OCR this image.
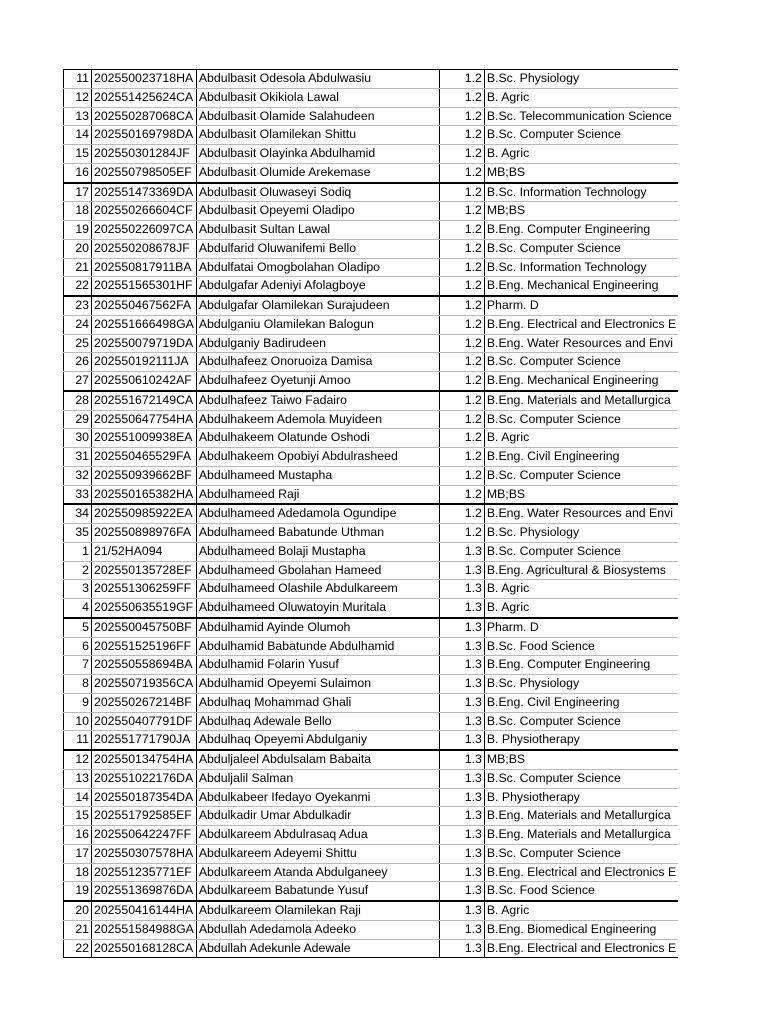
11	202550023718HA	Abdulbasit Odesola Abdulwasiu	1.2	B.Sc. Physiology
12	202551425624CA	Abdulbasit Okikiola Lawal	1.2	B. Agric
13	202550287068CA	Abdulbasit Olamide Salahudeen	1.2	B.Sc. Telecommunication Science
14	202550169798DA	Abdulbasit Olamilekan Shittu	1.2	B.Sc. Computer Science
15	202550301284JF	Abdulbasit Olayinka Abdulhamid	1.2	B. Agric
16	202550798505EF	Abdulbasit Olumide Arekemase	1.2	MB;BS
17	202551473369DA	Abdulbasit Oluwaseyi Sodiq	1.2	B.Sc. Information Technology
18	202550266604CF	Abdulbasit Opeyemi Oladipo	1.2	MB;BS
19	202550226097CA	Abdulbasit Sultan Lawal	1.2	B.Eng. Computer Engineering
20	202550208678JF	Abdulfarid Oluwanifemi Bello	1.2	B.Sc. Computer Science
21	202550817911BA	Abdulfatai Omogbolahan Oladipo	1.2	B.Sc. Information Technology
22	202551565301HF	Abdulgafar Adeniyi Afolagboye	1.2	B.Eng. Mechanical Engineering
23	202550467562FA	Abdulgafar Olamilekan Surajudeen	1.2	Pharm. D
24	202551666498GA	Abdulganiu Olamilekan Balogun	1.2	B.Eng. Electrical and Electronics E
25	202550079719DA	Abdulganiy Badirudeen	1.2	B.Eng. Water Resources and Envi
26	202550192111JA	Abdulhafeez Onoruoiza Damisa	1.2	B.Sc. Computer Science
27	202550610242AF	Abdulhafeez Oyetunji Amoo	1.2	B.Eng. Mechanical Engineering
28	202551672149CA	Abdulhafeez Taiwo Fadairo	1.2	B.Eng. Materials and Metallurgica
29	202550647754HA	Abdulhakeem Ademola Muyideen	1.2	B.Sc. Computer Science
30	202551009938EA	Abdulhakeem Olatunde Oshodi	1.2	B. Agric
31	202550465529FA	Abdulhakeem Opobiyi Abdulrasheed	1.2	B.Eng. Civil Engineering
32	202550939662BF	Abdulhameed Mustapha	1.2	B.Sc. Computer Science
33	202550165382HA	Abdulhameed Raji	1.2	MB;BS
34	202550985922EA	Abdulhameed Adedamola Ogundipe	1.2	B.Eng. Water Resources and Envi
35	202550898976FA	Abdulhameed Babatunde Uthman	1.2	B.Sc. Physiology
1	21/52HA094	Abdulhameed Bolaji Mustapha	1.3	B.Sc. Computer Science
2	202550135728EF	Abdulhameed Gbolahan Hameed	1.3	B.Eng. Agricultural & Biosystems
3	202551306259FF	Abdulhameed Olashile Abdulkareem	1.3	B. Agric
4	202550635519GF	Abdulhameed Oluwatoyin Muritala	1.3	B. Agric
5	202550045750BF	Abdulhamid Ayinde Olumoh	1.3	Pharm. D
6	202551525196FF	Abdulhamid Babatunde Abdulhamid	1.3	B.Sc. Food Science
7	202550558694BA	Abdulhamid Folarin Yusuf	1.3	B.Eng. Computer Engineering
8	202550719356CA	Abdulhamid Opeyemi Sulaimon	1.3	B.Sc. Physiology
9	202550267214BF	Abdulhaq Mohammad Ghali	1.3	B.Eng. Civil Engineering
10	202550407791DF	Abdulhaq Adewale Bello	1.3	B.Sc. Computer Science
11	202551771790JA	Abdulhaq Opeyemi Abdulganiy	1.3	B. Physiotherapy
12	202550134754HA	Abduljaleel Abdulsalam Babaita	1.3	MB;BS
13	202551022176DA	Abduljalil Salman	1.3	B.Sc. Computer Science
14	202550187354DA	Abdulkabeer Ifedayo Oyekanmi	1.3	B. Physiotherapy
15	202551792585EF	Abdulkadir Umar Abdulkadir	1.3	B.Eng. Materials and Metallurgica
16	202550642247FF	Abdulkareem Abdulrasaq Adua	1.3	B.Eng. Materials and Metallurgica
17	202550307578HA	Abdulkareem Adeyemi Shittu	1.3	B.Sc. Computer Science
18	202551235771EF	Abdulkareem Atanda Abdulganeey	1.3	B.Eng. Electrical and Electronics E
19	202551369876DA	Abdulkareem Babatunde Yusuf	1.3	B.Sc. Food Science
20	202550416144HA	Abdulkareem Olamilekan Raji	1.3	B. Agric
21	202551584988GA	Abdullah Adedamola Adeeko	1.3	B.Eng. Biomedical Engineering
22	202550168128CA	Abdullah Adekunle Adewale	1.3	B.Eng. Electrical and Electronics E
